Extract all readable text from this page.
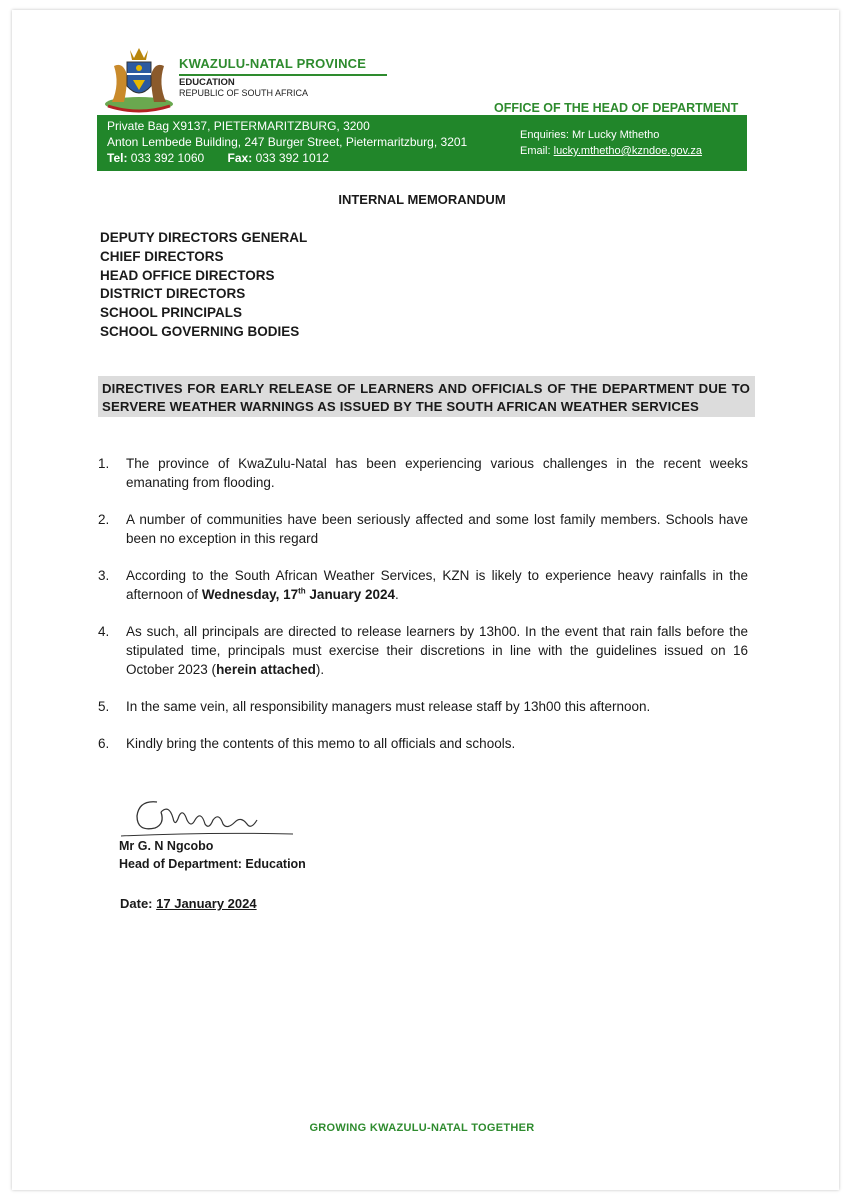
KWAZULU-NATAL PROVINCE
EDUCATION
REPUBLIC OF SOUTH AFRICA
OFFICE OF THE HEAD OF DEPARTMENT
Private Bag X9137, PIETERMARITZBURG, 3200
Anton Lembede Building, 247 Burger Street, Pietermaritzburg, 3201
Tel: 033 392 1060 Fax: 033 392 1012
Enquiries: Mr Lucky Mthetho
Email: lucky.mthetho@kzndoe.gov.za
INTERNAL MEMORANDUM
DEPUTY DIRECTORS GENERAL
CHIEF DIRECTORS
HEAD OFFICE DIRECTORS
DISTRICT DIRECTORS
SCHOOL PRINCIPALS
SCHOOL GOVERNING BODIES
DIRECTIVES FOR EARLY RELEASE OF LEARNERS AND OFFICIALS OF THE DEPARTMENT DUE TO SERVERE WEATHER WARNINGS AS ISSUED BY THE SOUTH AFRICAN WEATHER SERVICES
1. The province of KwaZulu-Natal has been experiencing various challenges in the recent weeks emanating from flooding.
2. A number of communities have been seriously affected and some lost family members. Schools have been no exception in this regard
3. According to the South African Weather Services, KZN is likely to experience heavy rainfalls in the afternoon of Wednesday, 17th January 2024.
4. As such, all principals are directed to release learners by 13h00. In the event that rain falls before the stipulated time, principals must exercise their discretions in line with the guidelines issued on 16 October 2023 (herein attached).
5. In the same vein, all responsibility managers must release staff by 13h00 this afternoon.
6. Kindly bring the contents of this memo to all officials and schools.
Mr G. N Ngcobo
Head of Department: Education
Date: 17 January 2024
GROWING KWAZULU-NATAL TOGETHER
